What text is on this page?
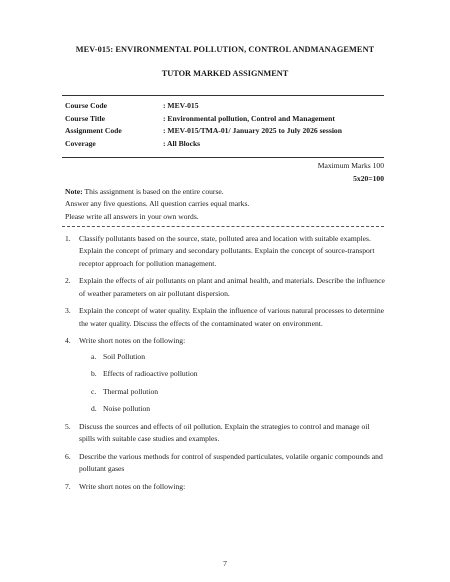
MEV-015: ENVIRONMENTAL POLLUTION, CONTROL ANDMANAGEMENT
TUTOR MARKED ASSIGNMENT
Course Code	: MEV-015
Course Title	: Environmental pollution, Control and Management
Assignment Code	: MEV-015/TMA-01/ January 2025 to July 2026 session
Coverage	: All Blocks
Maximum Marks 100
5x20=100
Note: This assignment is based on the entire course.
Answer any five questions. All question carries equal marks.
Please write all answers in your own words.
1.	Classify pollutants based on the source, state, polluted area and location with suitable examples. Explain the concept of primary and secondary pollutants. Explain the concept of source-transport receptor approach for pollution management.
2.	Explain the effects of air pollutants on plant and animal health, and materials. Describe the influence of weather parameters on air pollutant dispersion.
3.	Explain the concept of water quality. Explain the influence of various natural processes to determine the water quality. Discuss the effects of the contaminated water on environment.
4.	Write short notes on the following:
a. Soil Pollution
b. Effects of radioactive pollution
c. Thermal pollution
d. Noise pollution
5.	Discuss the sources and effects of oil pollution. Explain the strategies to control and manage oil spills with suitable case studies and examples.
6.	Describe the various methods for control of suspended particulates, volatile organic compounds and pollutant gases
7.	Write short notes on the following:
7
